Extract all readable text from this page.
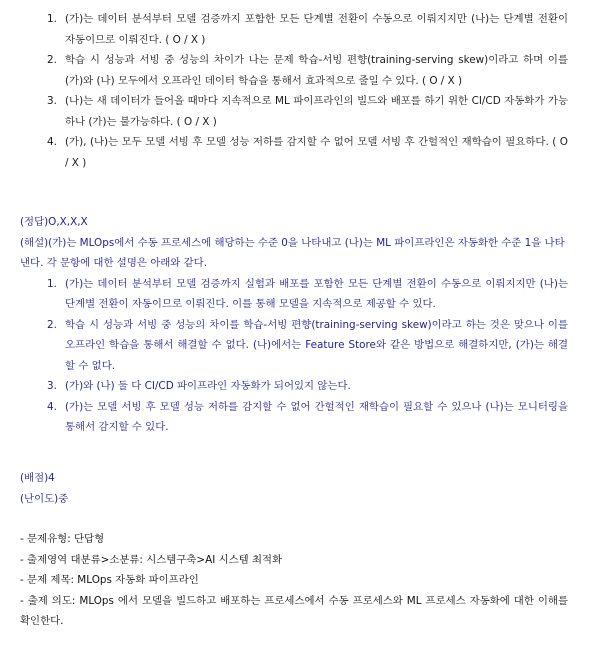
1. (가)는 데이터 분석부터 모델 검증까지 포함한 모든 단계별 전환이 수동으로 이뤄지지만 (나)는 단계별 전환이 자동이므로 이뤄진다. ( O / X )
2. 학습 시 성능과 서빙 중 성능의 차이가 나는 문제 학습-서빙 편향(training-serving skew)이라고 하며 이를 (가)와 (나) 모두에서 오프라인 데이터 학습을 통해서 효과적으로 줄일 수 있다. ( O / X )
3. (나)는 새 데이터가 들어올 때마다 지속적으로 ML 파이프라인의 빌드와 배포를 하기 위한 CI/CD 자동화가 가능하나 (가)는 불가능하다. ( O / X )
4. (가), (나)는 모두 모델 서빙 후 모델 성능 저하를 감지할 수 없어 모델 서빙 후 간헐적인 재학습이 필요하다. ( O / X )

(정답)O,X,X,X

(해설)(가)는 MLOps에서 수동 프로세스에 해당하는 수준 0을 나타내고 (나)는 ML 파이프라인은 자동화한 수준 1을 나타낸다. 각 문항에 대한 설명은 아래와 같다.

1. (가)는 데이터 분석부터 모델 검증까지 실험과 배포를 포함한 모든 단계별 전환이 수동으로 이뤄지지만 (나)는 단계별 전환이 자동이므로 이뤄진다. 이를 통해 모델을 지속적으로 제공할 수 있다.
2. 학습 시 성능과 서빙 중 성능의 차이를 학습-서빙 편향(training-serving skew)이라고 하는 것은 맞으나 이를 오프라인 학습을 통해서 해결할 수 없다. (나)에서는 Feature Store와 같은 방법으로 해결하지만, (가)는 해결할 수 없다.
3. (가)와 (나) 둘 다 CI/CD 파이프라인 자동화가 되어있지 않는다.
4. (가)는 모델 서빙 후 모델 성능 저하를 감지할 수 없어 간헐적인 재학습이 필요할 수 있으나 (나)는 모니터링을 통해서 감지할 수 있다.

(배점)4

(난이도)중

- 문제유형: 단답형

- 출제영역 대분류>소분류: 시스템구축>AI 시스템 최적화

- 문제 제목: MLOps 자동화 파이프라인

- 출제 의도: MLOps 에서 모델을 빌드하고 배포하는 프로세스에서 수동 프로세스와 ML 프로세스 자동화에 대한 이해를 확인한다.
